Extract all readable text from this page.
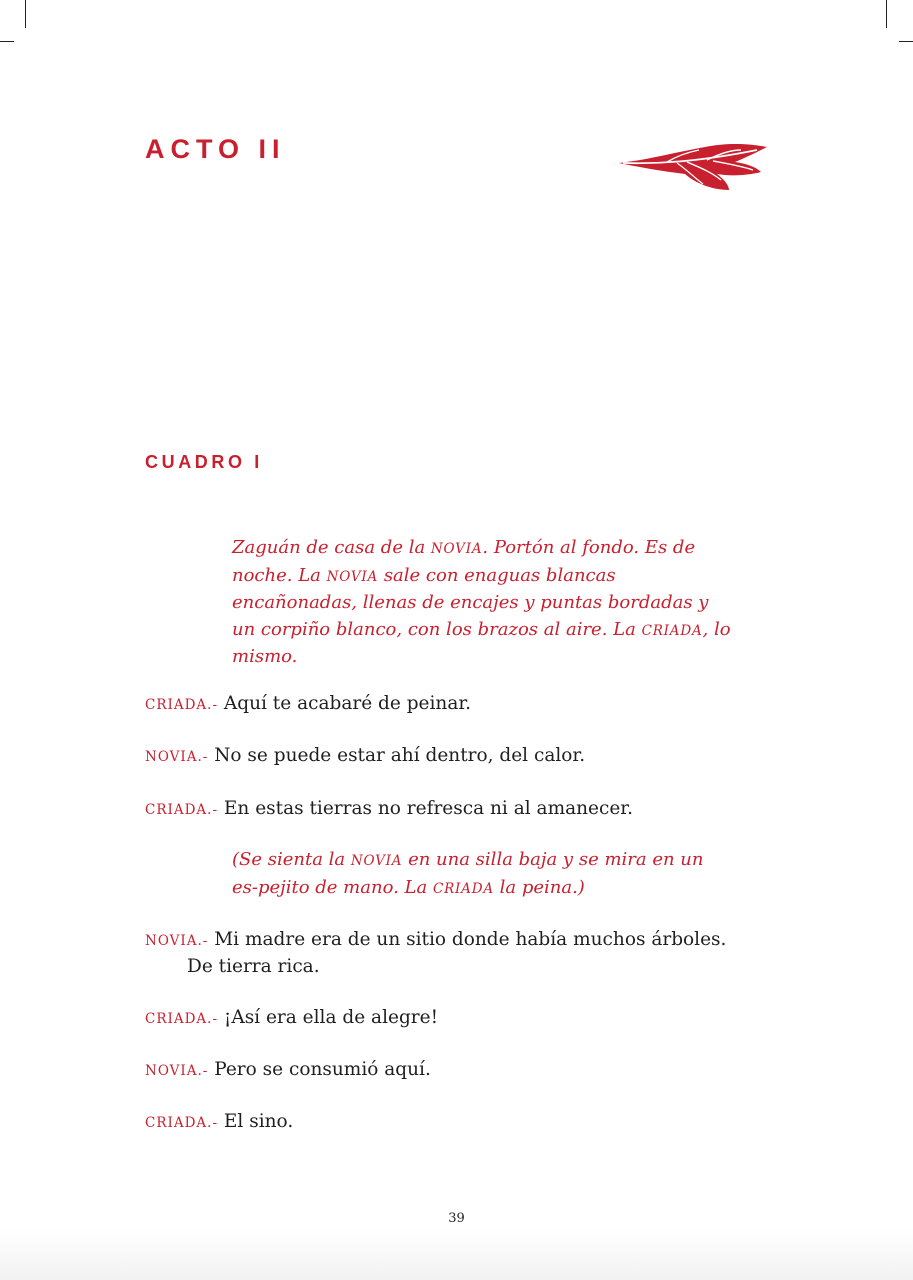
ACTO II
CUADRO I
Zaguán de casa de la NOVIA. Portón al fondo. Es de noche. La NOVIA sale con enaguas blancas encañonadas, llenas de encajes y puntas bordadas y un corpiño blanco, con los brazos al aire. La CRIADA, lo mismo.
CRIADA.- Aquí te acabaré de peinar.
NOVIA.- No se puede estar ahí dentro, del calor.
CRIADA.- En estas tierras no refresca ni al amanecer.
(Se sienta la NOVIA en una silla baja y se mira en un es-pejito de mano. La CRIADA la peina.)
NOVIA.- Mi madre era de un sitio donde había muchos árboles.
De tierra rica.
CRIADA.- ¡Así era ella de alegre!
NOVIA.- Pero se consumió aquí.
CRIADA.- El sino.
39
